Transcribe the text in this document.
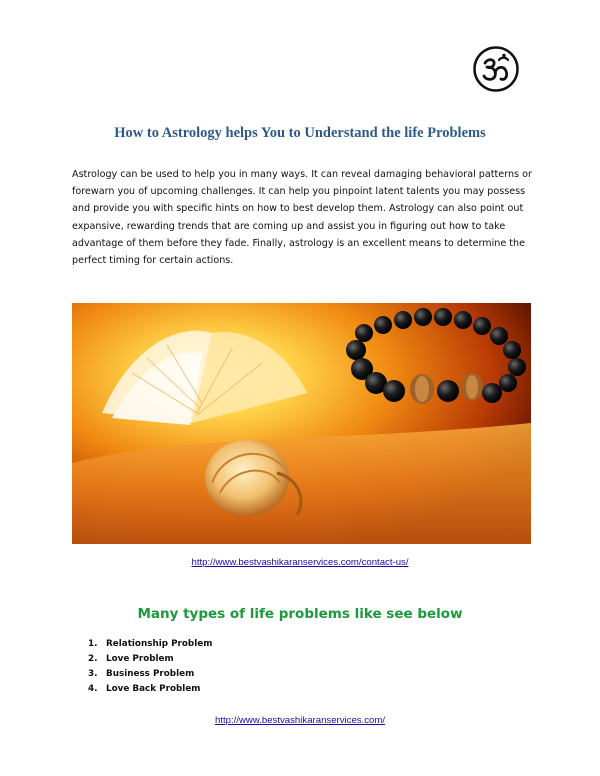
How to Astrology helps You to Understand the life Problems

Astrology can be used to help you in many ways. It can reveal damaging behavioral patterns or forewarn you of upcoming challenges. It can help you pinpoint latent talents you may possess and provide you with specific hints on how to best develop them. Astrology can also point out expansive, rewarding trends that are coming up and assist you in figuring out how to take advantage of them before they fade. Finally, astrology is an excellent means to determine the perfect timing for certain actions.

http://www.bestvashikaranservices.com/contact-us/
Many types of life problems like see below
1. Relationship Problem
2. Love Problem
3. Business Problem
4. Love Back Problem
http://www.bestvashikaranservices.com/
